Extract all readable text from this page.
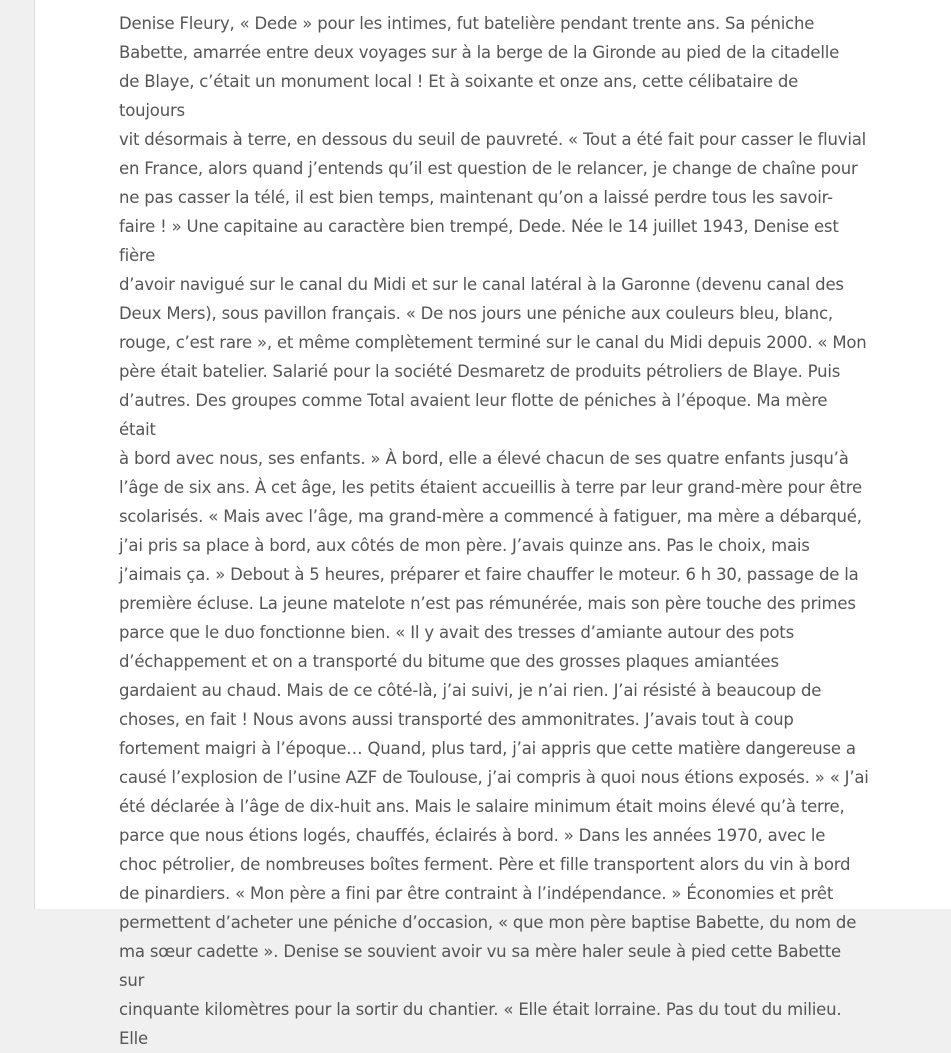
Denise Fleury, « Dede » pour les intimes, fut batelière pendant trente ans. Sa péniche
Babette, amarrée entre deux voyages sur à la berge de la Gironde au pied de la citadelle
de Blaye, c’était un monument local ! Et à soixante et onze ans, cette célibataire de toujours
vit désormais à terre, en dessous du seuil de pauvreté. « Tout a été fait pour casser le fluvial
en France, alors quand j’entends qu’il est question de le relancer, je change de chaîne pour
ne pas casser la télé, il est bien temps, maintenant qu’on a laissé perdre tous les savoir-
faire ! » Une capitaine au caractère bien trempé, Dede. Née le 14 juillet 1943, Denise est fière
d’avoir navigué sur le canal du Midi et sur le canal latéral à la Garonne (devenu canal des
Deux Mers), sous pavillon français. « De nos jours une péniche aux couleurs bleu, blanc,
rouge, c’est rare », et même complètement terminé sur le canal du Midi depuis 2000. « Mon
père était batelier. Salarié pour la société Desmaretz de produits pétroliers de Blaye. Puis
d’autres. Des groupes comme Total avaient leur flotte de péniches à l’époque. Ma mère était
à bord avec nous, ses enfants. » À bord, elle a élevé chacun de ses quatre enfants jusqu’à
l’âge de six ans. À cet âge, les petits étaient accueillis à terre par leur grand-mère pour être
scolarisés. « Mais avec l’âge, ma grand-mère a commencé à fatiguer, ma mère a débarqué,
j’ai pris sa place à bord, aux côtés de mon père. J’avais quinze ans. Pas le choix, mais
j’aimais ça. » Debout à 5 heures, préparer et faire chauffer le moteur. 6 h 30, passage de la
première écluse. La jeune matelote n’est pas rémunérée, mais son père touche des primes
parce que le duo fonctionne bien. « Il y avait des tresses d’amiante autour des pots
d’échappement et on a transporté du bitume que des grosses plaques amiantées
gardaient au chaud. Mais de ce côté-là, j’ai suivi, je n’ai rien. J’ai résisté à beaucoup de
choses, en fait ! Nous avons aussi transporté des ammonitrates. J’avais tout à coup
fortement maigri à l’époque… Quand, plus tard, j’ai appris que cette matière dangereuse a
causé l’explosion de l’usine AZF de Toulouse, j’ai compris à quoi nous étions exposés. » « J’ai
été déclarée à l’âge de dix-huit ans. Mais le salaire minimum était moins élevé qu’à terre,
parce que nous étions logés, chauffés, éclairés à bord. » Dans les années 1970, avec le
choc pétrolier, de nombreuses boîtes ferment. Père et fille transportent alors du vin à bord
de pinardiers. « Mon père a fini par être contraint à l’indépendance. » Économies et prêt
permettent d’acheter une péniche d’occasion, « que mon père baptise Babette, du nom de
ma sœur cadette ». Denise se souvient avoir vu sa mère haler seule à pied cette Babette sur
cinquante kilomètres pour la sortir du chantier. « Elle était lorraine. Pas du tout du milieu. Elle
